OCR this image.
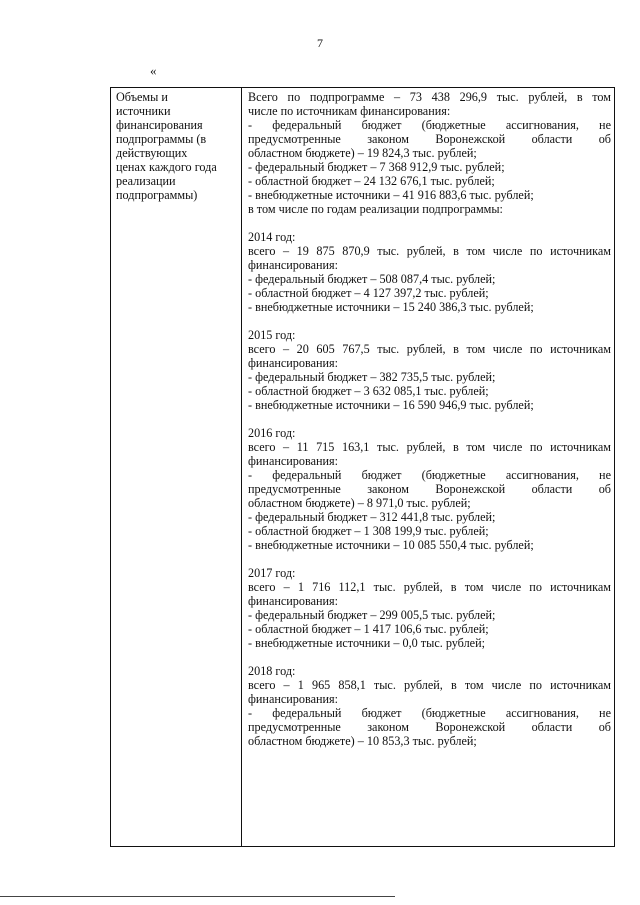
7
«
Объемы и
источники
финансирования
подпрограммы (в
действующих
ценах каждого года
реализации
подпрограммы)
Всего по подпрограмме – 73 438 296,9 тыс. рублей, в том
числе по источникам финансирования:
- федеральный бюджет (бюджетные ассигнования, не
предусмотренные законом Воронежской области об
областном бюджете) – 19 824,3 тыс. рублей;
- федеральный бюджет – 7 368 912,9 тыс. рублей;
- областной бюджет – 24 132 676,1 тыс. рублей;
- внебюджетные источники – 41 916 883,6 тыс. рублей;
в том числе по годам реализации подпрограммы:
2014 год:
всего – 19 875 870,9 тыс. рублей, в том числе по источникам
финансирования:
- федеральный бюджет – 508 087,4 тыс. рублей;
- областной бюджет – 4 127 397,2 тыс. рублей;
- внебюджетные источники – 15 240 386,3 тыс. рублей;
2015 год:
всего – 20 605 767,5 тыс. рублей, в том числе по источникам
финансирования:
- федеральный бюджет – 382 735,5 тыс. рублей;
- областной бюджет – 3 632 085,1 тыс. рублей;
- внебюджетные источники – 16 590 946,9 тыс. рублей;
2016 год:
всего – 11 715 163,1 тыс. рублей, в том числе по источникам
финансирования:
- федеральный бюджет (бюджетные ассигнования, не
предусмотренные законом Воронежской области об
областном бюджете) – 8 971,0 тыс. рублей;
- федеральный бюджет – 312 441,8 тыс. рублей;
- областной бюджет – 1 308 199,9 тыс. рублей;
- внебюджетные источники – 10 085 550,4 тыс. рублей;
2017 год:
всего – 1 716 112,1 тыс. рублей, в том числе по источникам
финансирования:
- федеральный бюджет – 299 005,5 тыс. рублей;
- областной бюджет – 1 417 106,6 тыс. рублей;
- внебюджетные источники – 0,0 тыс. рублей;
2018 год:
всего – 1 965 858,1 тыс. рублей, в том числе по источникам
финансирования:
- федеральный бюджет (бюджетные ассигнования, не
предусмотренные законом Воронежской области об
областном бюджете) – 10 853,3 тыс. рублей;
